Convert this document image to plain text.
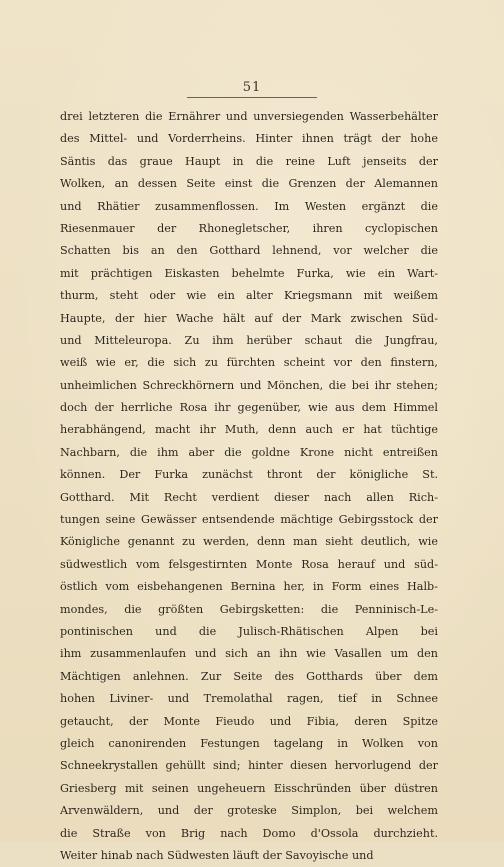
51
drei letzteren die Ernährer und unversiegenden Wasserbehälter
des Mittel- und Vorderrheins. Hinter ihnen trägt der hohe
Säntis das graue Haupt in die reine Luft jenseits der
Wolken, an dessen Seite einst die Grenzen der Alemannen
und Rhätier zusammenflossen. Im Westen ergänzt die
Riesenmauer der Rhonegletscher, ihren cyclopischen
Schatten bis an den Gotthard lehnend, vor welcher die
mit prächtigen Eiskasten behelmte Furka, wie ein Wart-
thurm, steht oder wie ein alter Kriegsmann mit weißem
Haupte, der hier Wache hält auf der Mark zwischen Süd-
und Mitteleuropa. Zu ihm herüber schaut die Jungfrau,
weiß wie er, die sich zu fürchten scheint vor den finstern,
unheimlichen Schreckhörnern und Mönchen, die bei ihr stehen;
doch der herrliche Rosa ihr gegenüber, wie aus dem Himmel
herabhängend, macht ihr Muth, denn auch er hat tüchtige
Nachbarn, die ihm aber die goldne Krone nicht entreißen
können. Der Furka zunächst thront der königliche St.
Gotthard. Mit Recht verdient dieser nach allen Rich-
tungen seine Gewässer entsendende mächtige Gebirgsstock der
Königliche genannt zu werden, denn man sieht deutlich, wie
südwestlich vom felsgestirnten Monte Rosa herauf und süd-
östlich vom eisbehangenen Bernina her, in Form eines Halb-
mondes, die größten Gebirgsketten: die Penninisch-Le-
pontinischen und die Julisch-Rhätischen Alpen bei
ihm zusammenlaufen und sich an ihn wie Vasallen um den
Mächtigen anlehnen. Zur Seite des Gotthards über dem
hohen Liviner- und Tremolathal ragen, tief in Schnee
getaucht, der Monte Fieudo und Fibia, deren Spitze
gleich canonirenden Festungen tagelang in Wolken von
Schneekrystallen gehüllt sind; hinter diesen hervorlugend der
Griesberg mit seinen ungeheuern Eisschründen über düstren
Arvenwäldern, und der groteske Simplon, bei welchem
die Straße von Brig nach Domo d'Ossola durchzieht.
Weiter hinab nach Südwesten läuft der Savoyische und
